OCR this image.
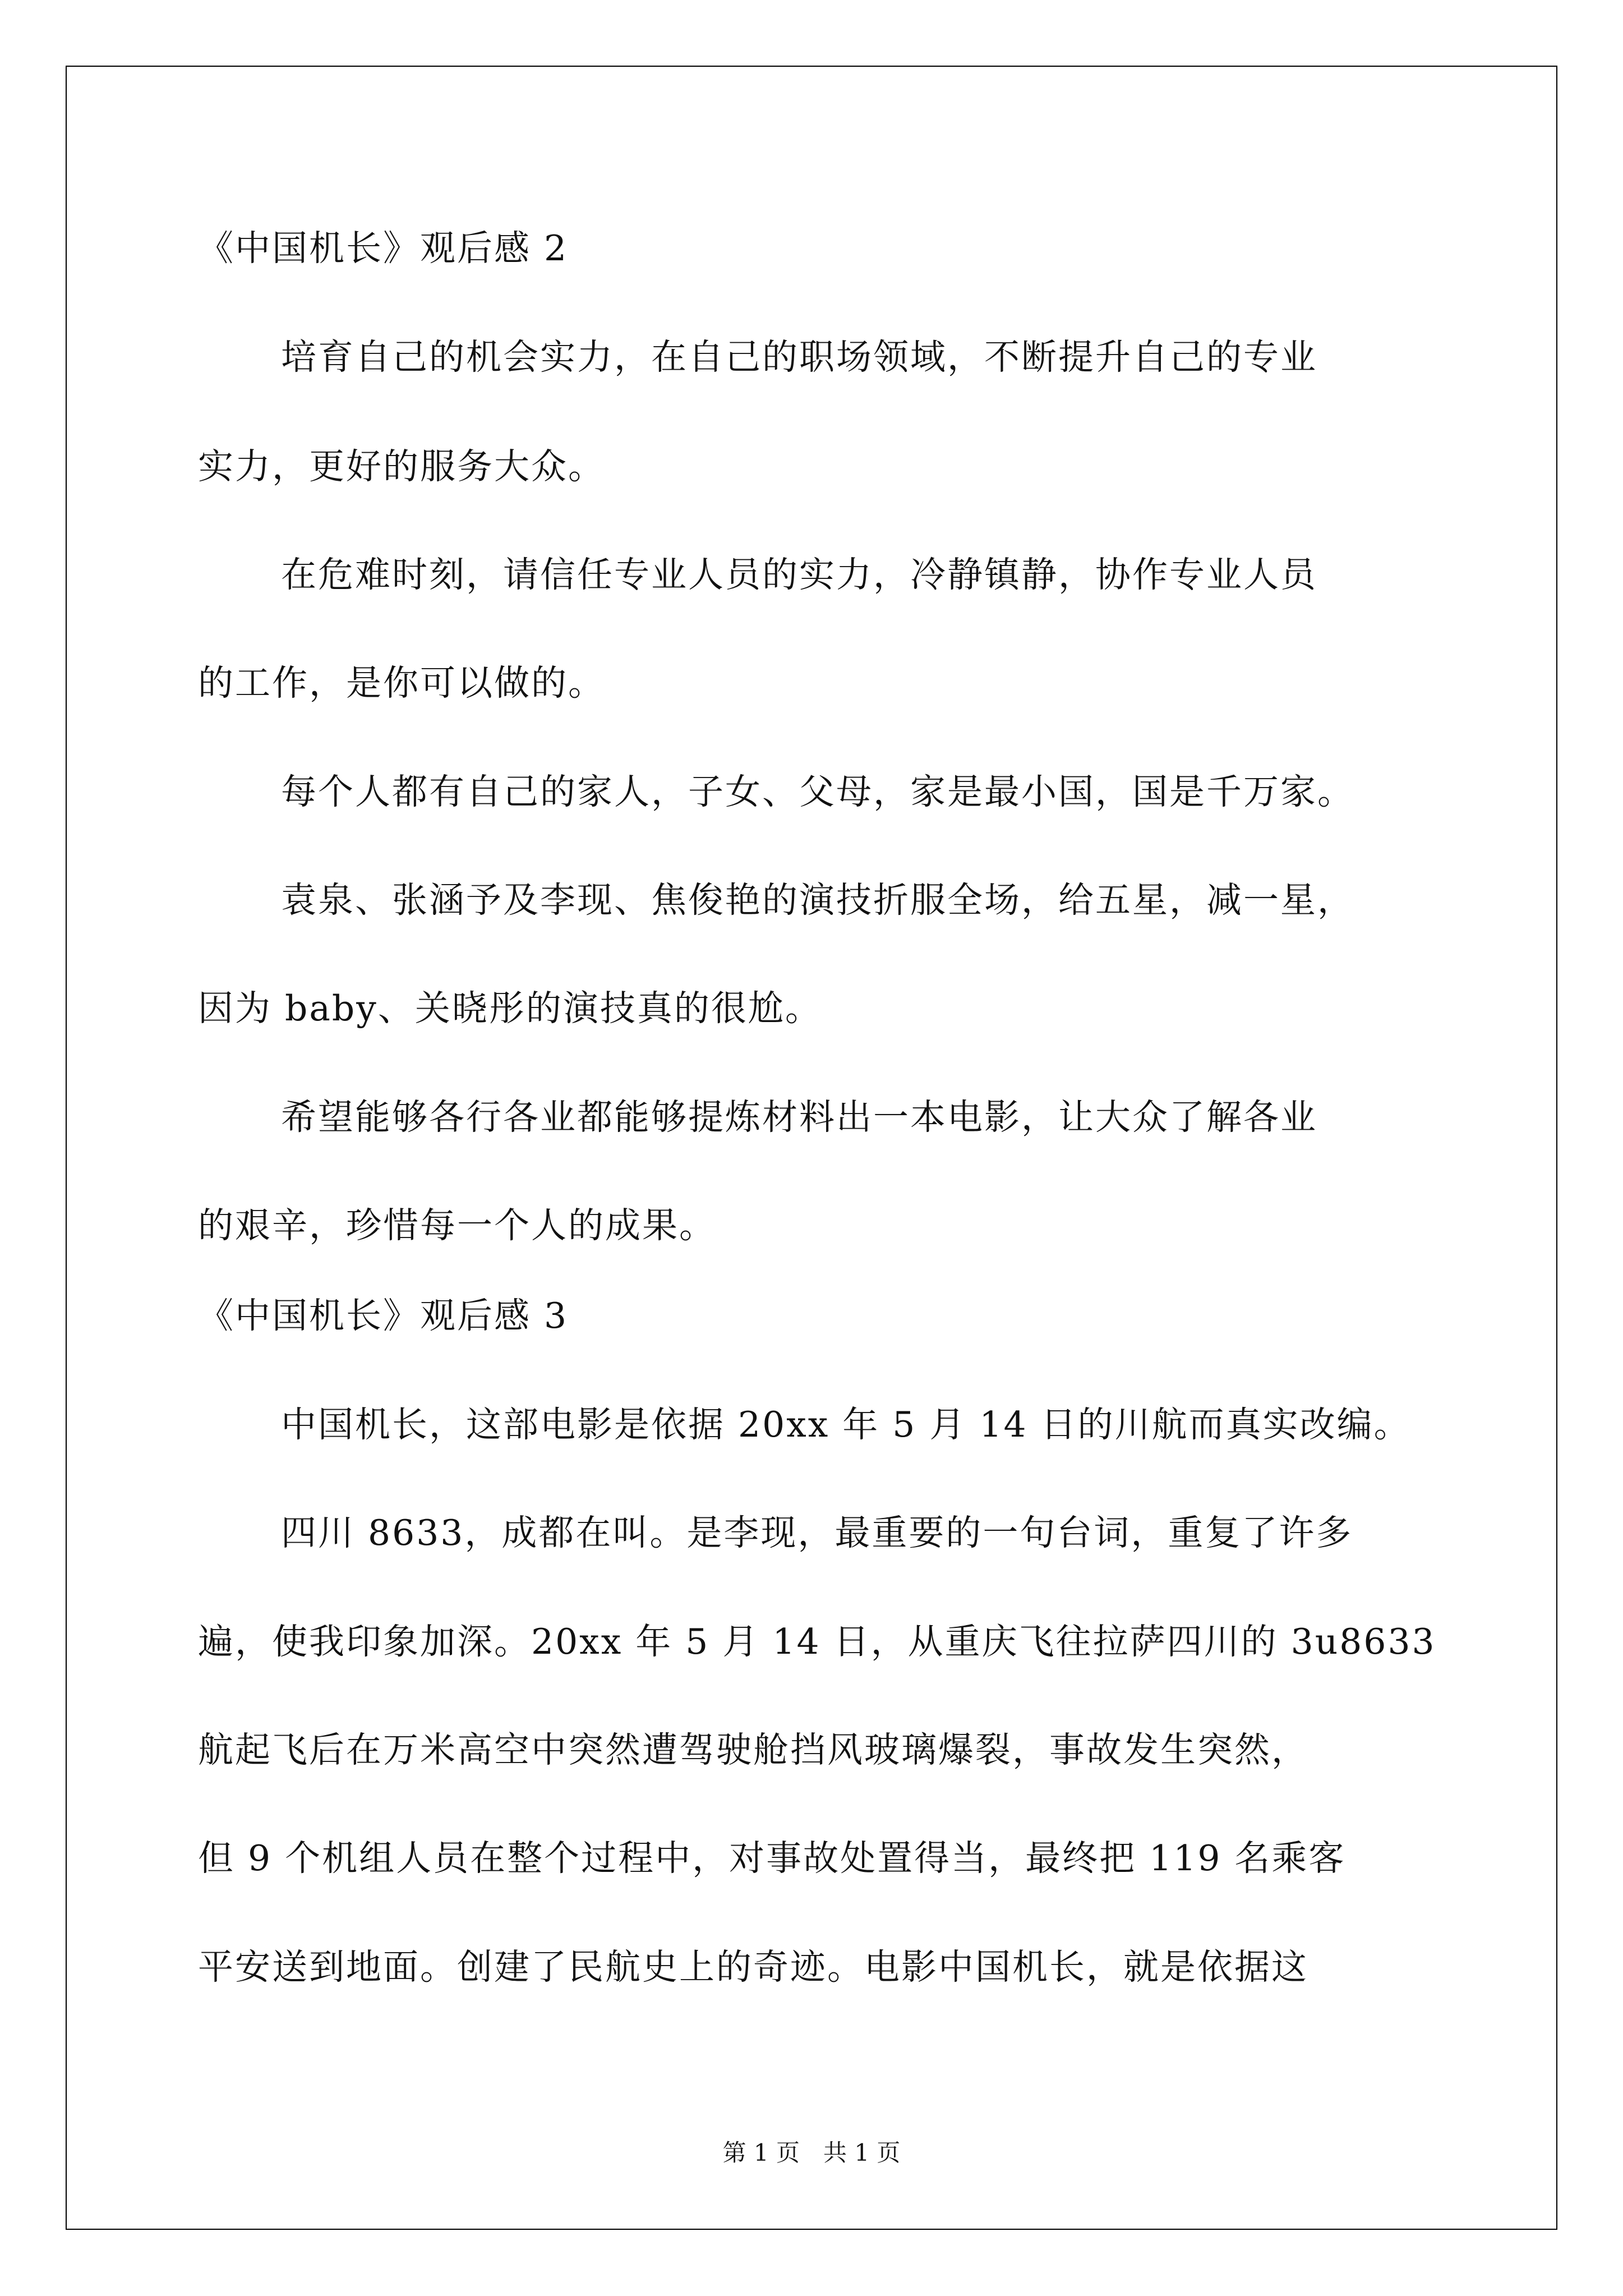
《中国机长》观后感 2
培育自己的机会实力，在自己的职场领域，不断提升自己的专业
实力，更好的服务大众。
在危难时刻，请信任专业人员的实力，冷静镇静，协作专业人员
的工作，是你可以做的。
每个人都有自己的家人，子女、父母，家是最小国，国是千万家。
袁泉、张涵予及李现、焦俊艳的演技折服全场，给五星，减一星，
因为 baby、关晓彤的演技真的很尬。
希望能够各行各业都能够提炼材料出一本电影，让大众了解各业
的艰辛，珍惜每一个人的成果。
《中国机长》观后感 3
中国机长，这部电影是依据 20xx 年 5 月 14 日的川航而真实改编。
四川 8633，成都在叫。是李现，最重要的一句台词，重复了许多
遍，使我印象加深。20xx 年 5 月 14 日，从重庆飞往拉萨四川的 3u8633
航起飞后在万米高空中突然遭驾驶舱挡风玻璃爆裂，事故发生突然，
但 9 个机组人员在整个过程中，对事故处置得当，最终把 119 名乘客
平安送到地面。创建了民航史上的奇迹。电影中国机长，就是依据这
第 1 页　共 1 页
